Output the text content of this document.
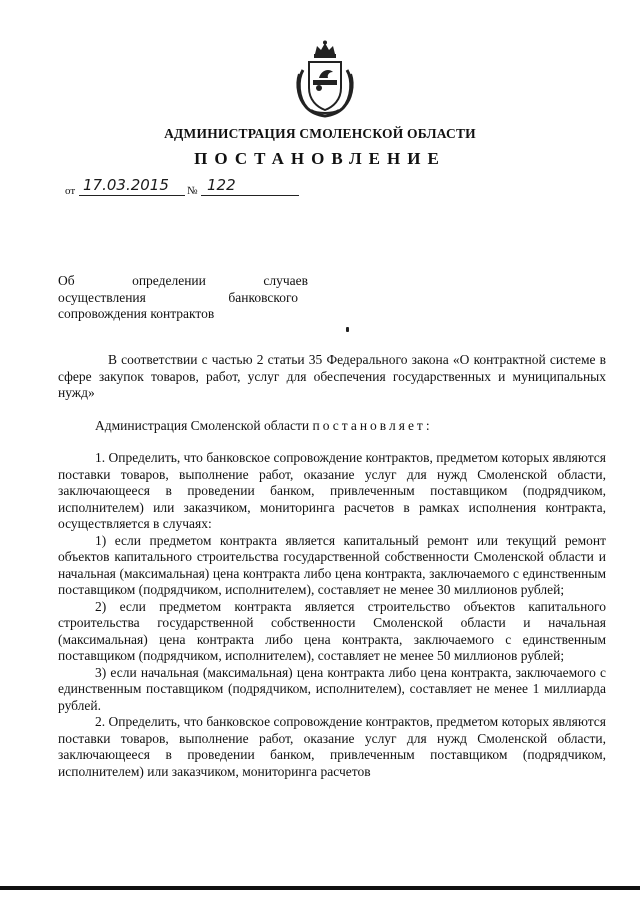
АДМИНИСТРАЦИЯ СМОЛЕНСКОЙ ОБЛАСТИ
ПОСТАНОВЛЕНИЕ
от 17.03.2015 № 122
Об	определении	случаев
осуществления	банковского
сопровождения контрактов

В соответствии с частью 2 статьи 35 Федерального закона «О контрактной системе в сфере закупок товаров, работ, услуг для обеспечения государственных и муниципальных нужд»

Администрация Смоленской области постановляет:

1. Определить, что банковское сопровождение контрактов, предметом которых являются поставки товаров, выполнение работ, оказание услуг для нужд Смоленской области, заключающееся в проведении банком, привлеченным поставщиком (подрядчиком, исполнителем) или заказчиком, мониторинга расчетов в рамках исполнения контракта, осуществляется в случаях:

1) если предметом контракта является капитальный ремонт или текущий ремонт объектов капитального строительства государственной собственности Смоленской области и начальная (максимальная) цена контракта либо цена контракта, заключаемого с единственным поставщиком (подрядчиком, исполнителем), составляет не менее 30 миллионов рублей;

2) если предметом контракта является строительство объектов капитального строительства государственной собственности Смоленской области и начальная (максимальная) цена контракта либо цена контракта, заключаемого с единственным поставщиком (подрядчиком, исполнителем), составляет не менее 50 миллионов рублей;

3) если начальная (максимальная) цена контракта либо цена контракта, заключаемого с единственным поставщиком (подрядчиком, исполнителем), составляет не менее 1 миллиарда рублей.

2. Определить, что банковское сопровождение контрактов, предметом которых являются поставки товаров, выполнение работ, оказание услуг для нужд Смоленской области, заключающееся в проведении банком, привлеченным поставщиком (подрядчиком, исполнителем) или заказчиком, мониторинга расчетов
